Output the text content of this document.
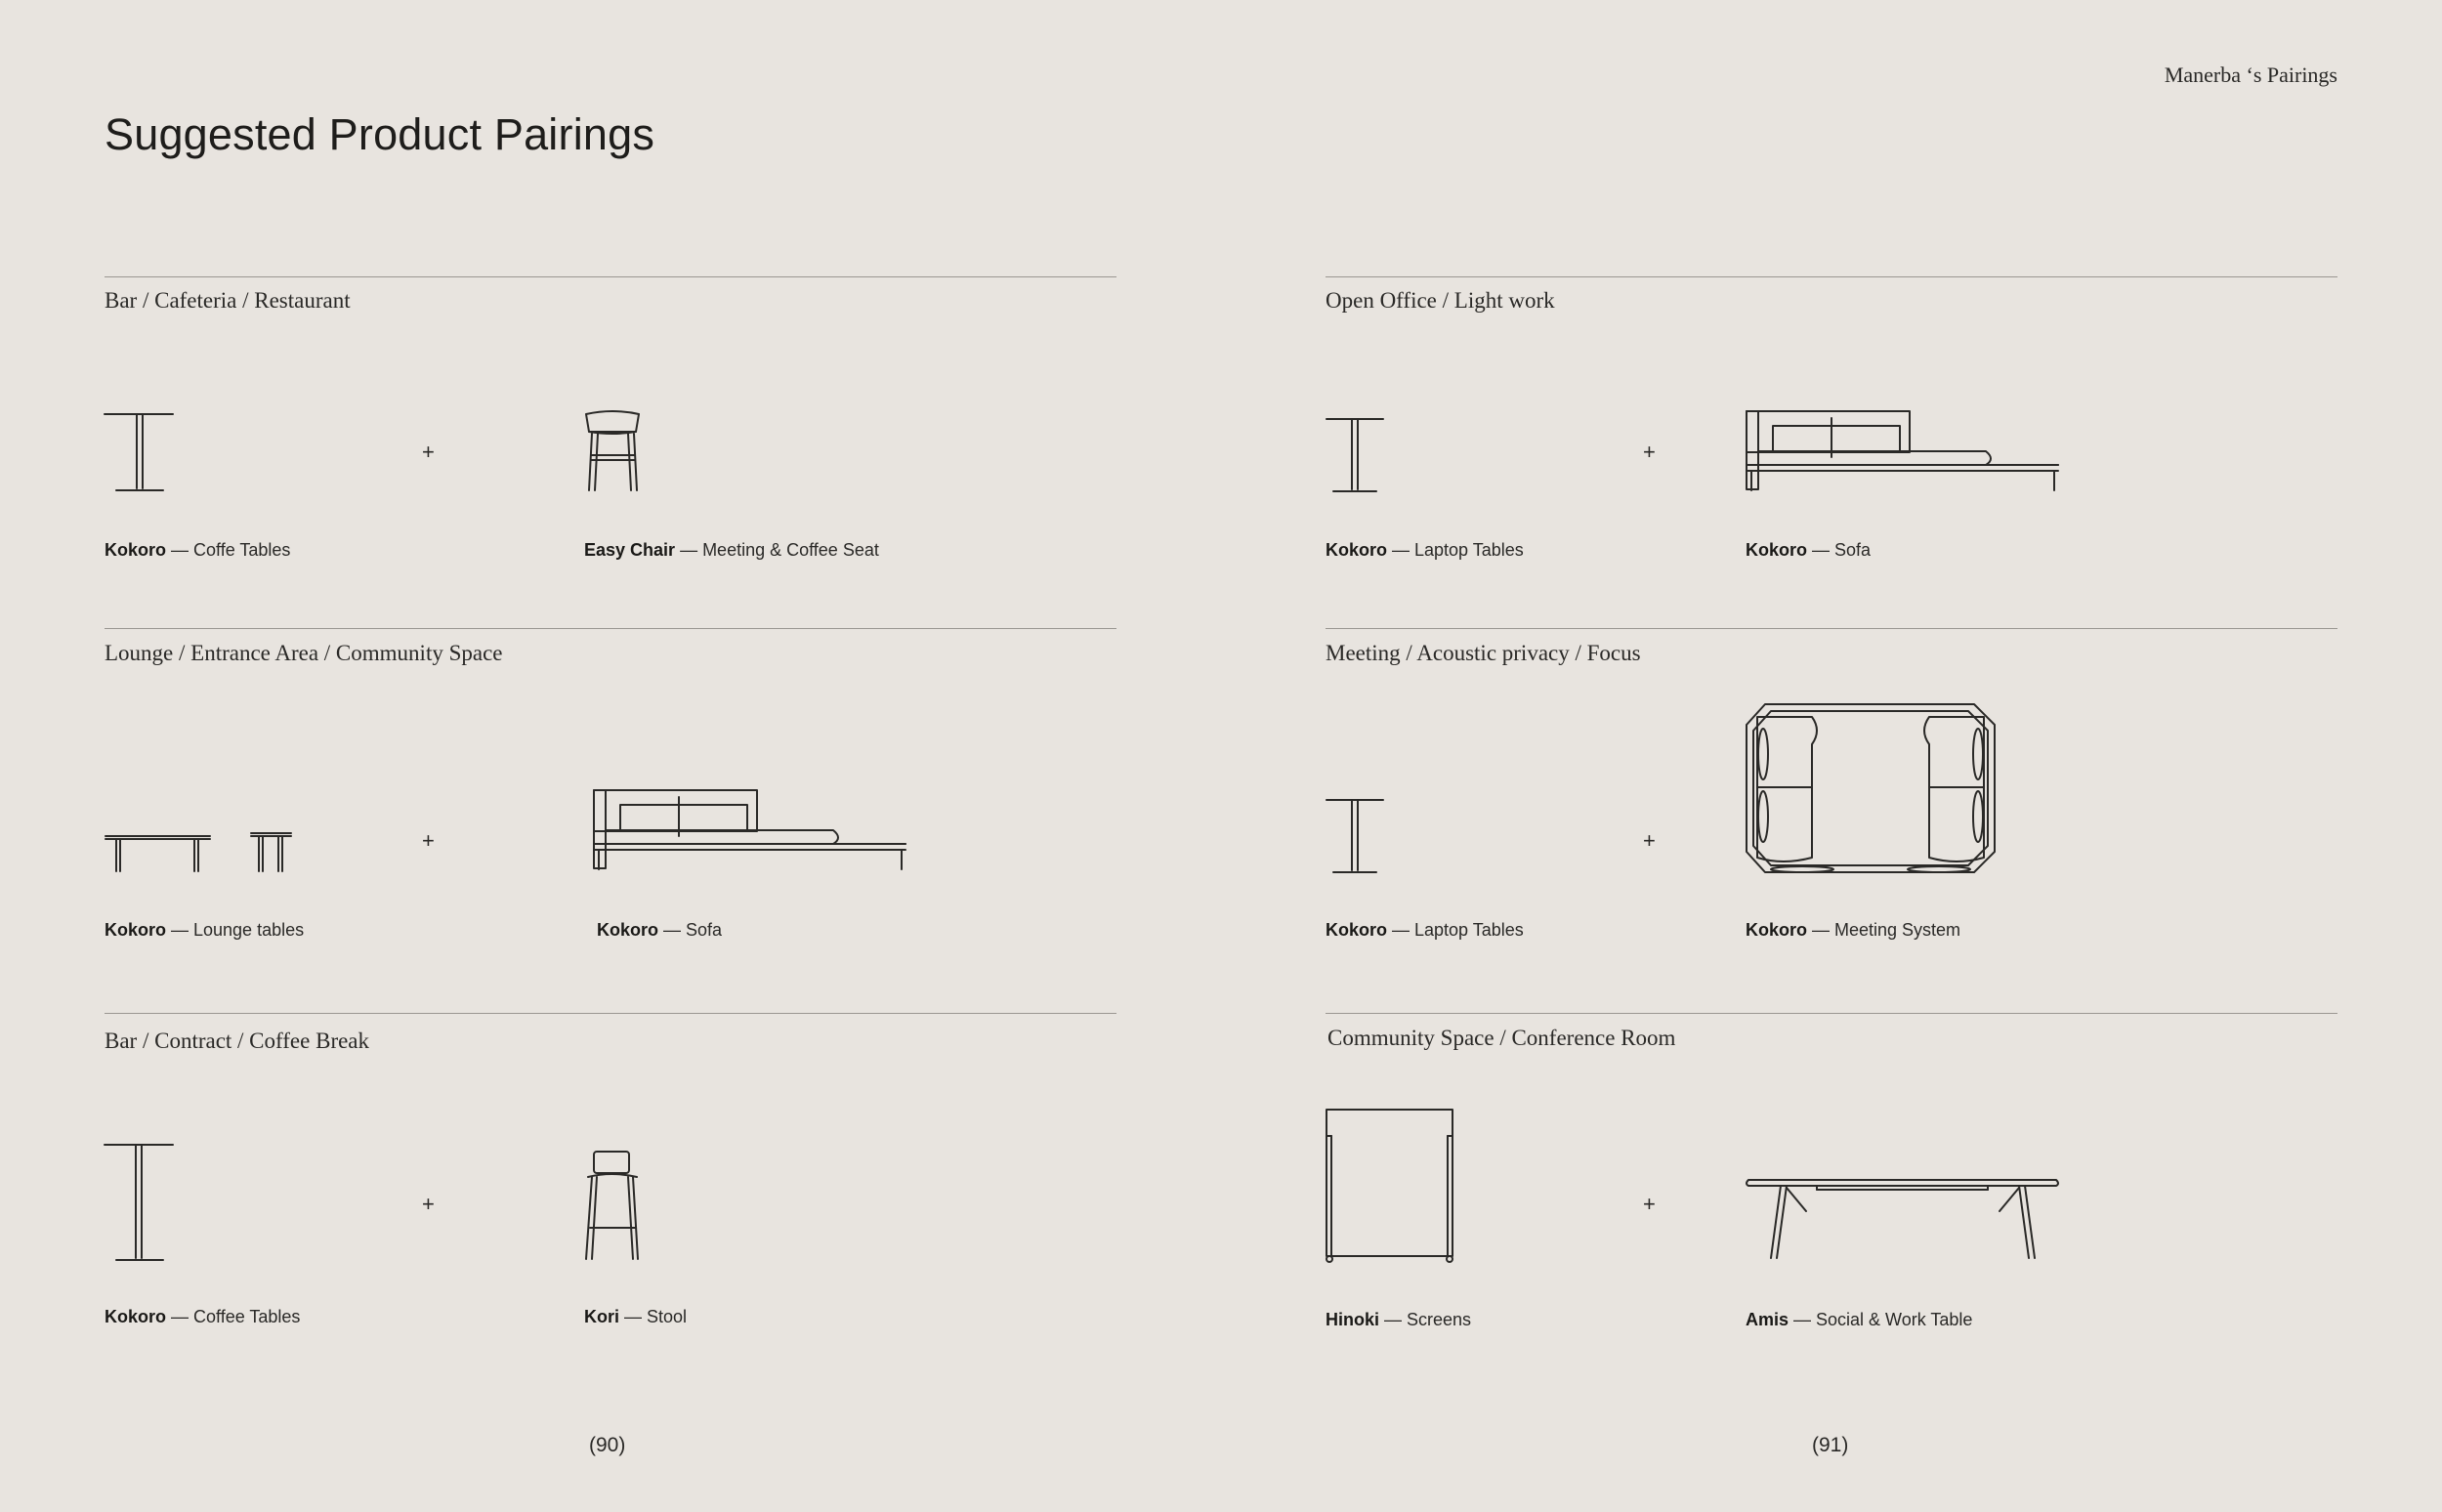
Manerba ‘s Pairings
Suggested Product Pairings
Bar / Cafeteria / Restaurant
+
Kokoro — Coffe Tables	Easy Chair — Meeting & Coffee Seat
Open Office / Light work
+
Kokoro — Laptop Tables	Kokoro — Sofa
Lounge / Entrance Area / Community Space
+
Kokoro — Lounge tables	Kokoro — Sofa
Meeting / Acoustic privacy / Focus
+
Kokoro — Laptop Tables	Kokoro — Meeting System
Bar / Contract / Coffee Break
+
Kokoro — Coffee Tables	Kori — Stool
Community Space / Conference Room
+
Hinoki — Screens	Amis — Social & Work Table
(90)	(91)
